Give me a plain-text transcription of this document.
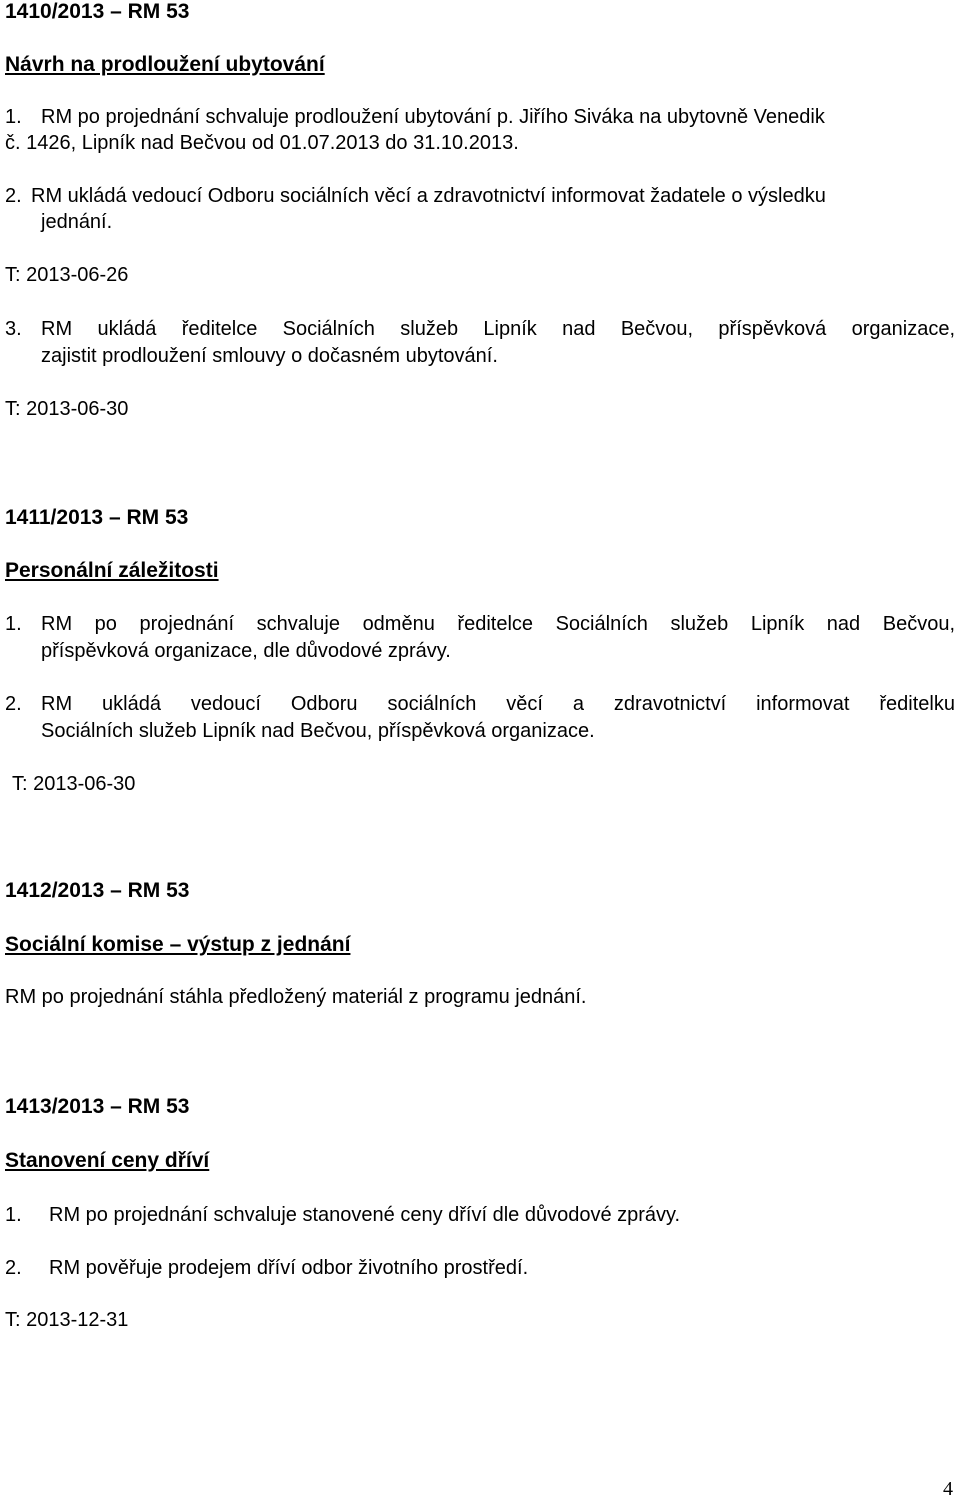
1410/2013 – RM 53
Návrh na prodloužení ubytování
1. RM po projednání schvaluje prodloužení ubytování p. Jiřího Siváka na ubytovně Venedik
č. 1426, Lipník nad Bečvou od 01.07.2013 do 31.10.2013.
2. RM ukládá vedoucí Odboru sociálních věcí a zdravotnictví informovat žadatele o výsledku
jednání.
T: 2013-06-26
3. RM ukládá ředitelce Sociálních služeb Lipník nad Bečvou, příspěvková organizace,
zajistit prodloužení smlouvy o dočasném ubytování.
T: 2013-06-30
1411/2013 – RM 53
Personální záležitosti
1. RM po projednání schvaluje odměnu ředitelce Sociálních služeb Lipník nad Bečvou,
příspěvková organizace, dle důvodové zprávy.
2. RM ukládá vedoucí Odboru sociálních věcí a zdravotnictví informovat ředitelku
Sociálních služeb Lipník nad Bečvou, příspěvková organizace.
T: 2013-06-30
1412/2013 – RM 53
Sociální komise – výstup z jednání
RM po projednání stáhla předložený materiál z programu jednání.
1413/2013 – RM 53
Stanovení ceny dříví
1. RM po projednání schvaluje stanovené ceny dříví dle důvodové zprávy.
2. RM pověřuje prodejem dříví odbor životního prostředí.
T: 2013-12-31
4
